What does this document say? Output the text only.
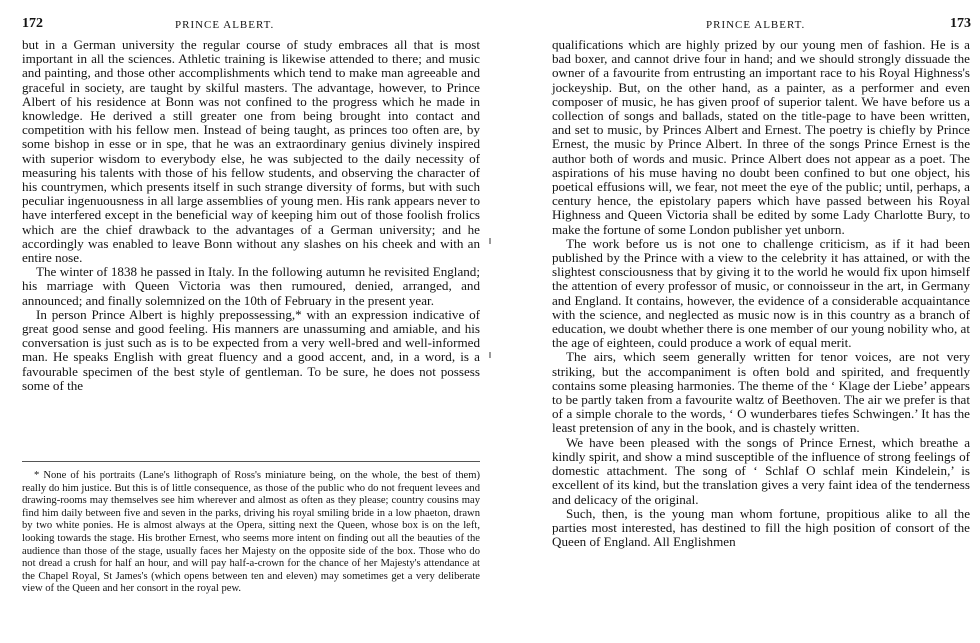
172	PRINCE ALBERT.

but in a German university the regular course of study embraces all that is most important in all the sciences. Athletic training is likewise attended to there; and music and painting, and those other accomplishments which tend to make man agreeable and graceful in society, are taught by skilful masters. The advantage, however, to Prince Albert of his residence at Bonn was not confined to the progress which he made in knowledge. He derived a still greater one from being brought into contact and competition with his fellow men. Instead of being taught, as princes too often are, by some bishop in esse or in spe, that he was an extraordinary genius divinely inspired with superior wisdom to everybody else, he was subjected to the daily necessity of measuring his talents with those of his fellow students, and observing the character of his countrymen, which presents itself in such strange diversity of forms, but with such peculiar ingenuousness in all large assemblies of young men. His rank appears never to have interfered except in the beneficial way of keeping him out of those foolish frolics which are the chief drawback to the advantages of a German university; and he accordingly was enabled to leave Bonn without any slashes on his cheek and with an entire nose.

The winter of 1838 he passed in Italy. In the following autumn he revisited England; his marriage with Queen Victoria was then rumoured, denied, arranged, and announced; and finally solemnized on the 10th of February in the present year.

In person Prince Albert is highly prepossessing,* with an expression indicative of great good sense and good feeling. His manners are unassuming and amiable, and his conversation is just such as is to be expected from a very well-bred and well-informed man. He speaks English with great fluency and a good accent, and, in a word, is a favourable specimen of the best style of gentleman. To be sure, he does not possess some of the

* None of his portraits (Lane's lithograph of Ross's miniature being, on the whole, the best of them) really do him justice. But this is of little consequence, as those of the public who do not frequent levees and drawing-rooms may themselves see him wherever and almost as often as they please; country cousins may find him daily between five and seven in the parks, driving his royal smiling bride in a low phaeton, drawn by two white ponies. He is almost always at the Opera, sitting next the Queen, whose box is on the left, looking towards the stage. His brother Ernest, who seems more intent on finding out all the beauties of the audience than those of the stage, usually faces her Majesty on the opposite side of the box. Those who do not dread a crush for half an hour, and will pay half-a-crown for the chance of her Majesty's attendance at the Chapel Royal, St James's (which opens between ten and eleven) may sometimes get a very deliberate view of the Queen and her consort in the royal pew.

PRINCE ALBERT.	173

qualifications which are highly prized by our young men of fashion. He is a bad boxer, and cannot drive four in hand; and we should strongly dissuade the owner of a favourite from entrusting an important race to his Royal Highness's jockeyship. But, on the other hand, as a painter, as a performer and even composer of music, he has given proof of superior talent. We have before us a collection of songs and ballads, stated on the title-page to have been written, and set to music, by Princes Albert and Ernest. The poetry is chiefly by Prince Ernest, the music by Prince Albert. In three of the songs Prince Ernest is the author both of words and music. Prince Albert does not appear as a poet. The aspirations of his muse having no doubt been confined to but one object, his poetical effusions will, we fear, not meet the eye of the public; until, perhaps, a century hence, the epistolary papers which have passed between his Royal Highness and Queen Victoria shall be edited by some Lady Charlotte Bury, to make the fortune of some London publisher yet unborn.

The work before us is not one to challenge criticism, as if it had been published by the Prince with a view to the celebrity it has attained, or with the slightest consciousness that by giving it to the world he would fix upon himself the attention of every professor of music, or connoisseur in the art, in Germany and England. It contains, however, the evidence of a considerable acquaintance with the science, and neglected as music now is in this country as a branch of education, we doubt whether there is one member of our young nobility who, at the age of eighteen, could produce a work of equal merit.

The airs, which seem generally written for tenor voices, are not very striking, but the accompaniment is often bold and spirited, and frequently contains some pleasing harmonies. The theme of the ‘ Klage der Liebe’ appears to be partly taken from a favourite waltz of Beethoven. The air we prefer is that of a simple chorale to the words, ‘ O wunderbares tiefes Schwingen.’ It has the least pretension of any in the book, and is chastely written.

We have been pleased with the songs of Prince Ernest, which breathe a kindly spirit, and show a mind susceptible of the influence of strong feelings of domestic attachment. The song of ‘ Schlaf O schlaf mein Kindelein,’ is excellent of its kind, but the translation gives a very faint idea of the tenderness and delicacy of the original.

Such, then, is the young man whom fortune, propitious alike to all the parties most interested, has destined to fill the high position of consort of the Queen of England. All Englishmen
